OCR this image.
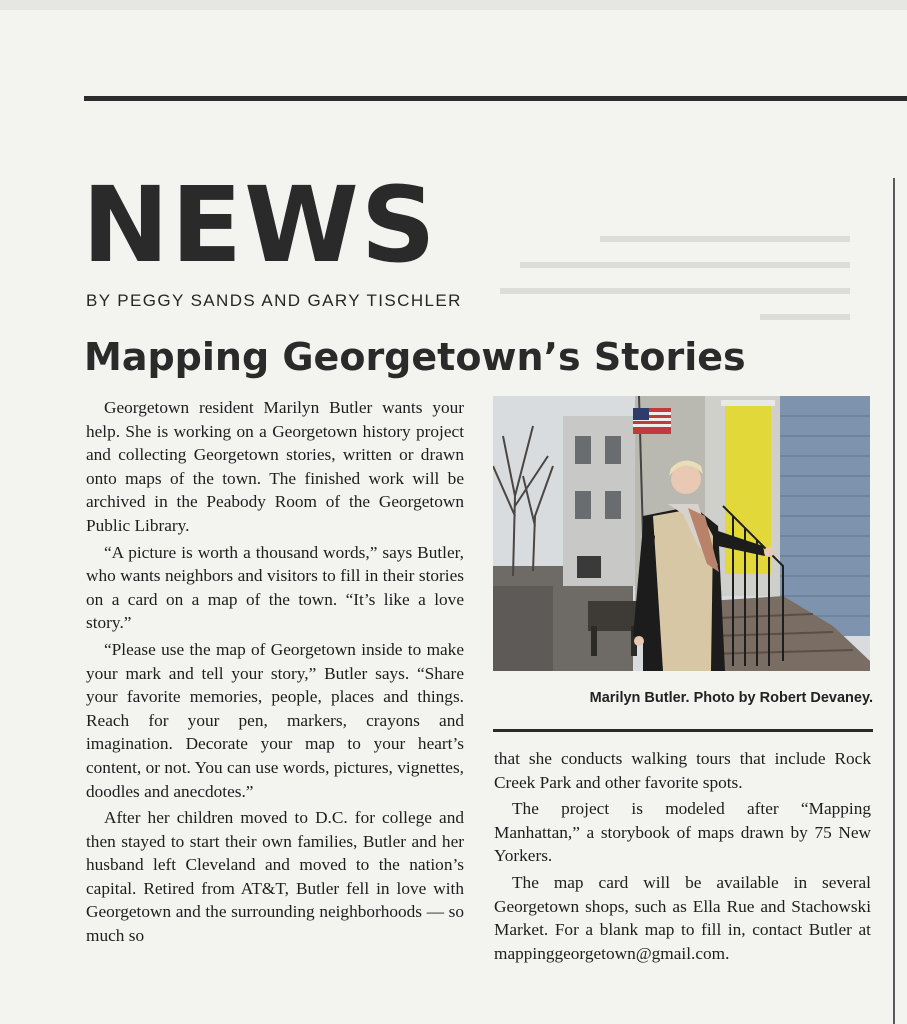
NEWS

BY PEGGY SANDS AND GARY TISCHLER

Mapping Georgetown’s Stories

Georgetown resident Marilyn Butler wants your help. She is working on a Georgetown history project and collecting Georgetown stories, written or drawn onto maps of the town. The finished work will be archived in the Peabody Room of the Georgetown Public Library.

“A picture is worth a thousand words,” says Butler, who wants neighbors and visitors to fill in their stories on a card on a map of the town. “It’s like a love story.”

“Please use the map of Georgetown inside to make your mark and tell your story,” Butler says. “Share your favorite memories, people, places and things. Reach for your pen, markers, crayons and imagination. Decorate your map to your heart’s content, or not. You can use words, pictures, vignettes, doodles and anecdotes.”

After her children moved to D.C. for college and then stayed to start their own families, Butler and her husband left Cleveland and moved to the nation’s capital. Retired from AT&T, Butler fell in love with Georgetown and the surrounding neighborhoods — so much so

Marilyn Butler. Photo by Robert Devaney.

that she conducts walking tours that include Rock Creek Park and other favorite spots.

The project is modeled after “Mapping Manhattan,” a storybook of maps drawn by 75 New Yorkers.

The map card will be available in several Georgetown shops, such as Ella Rue and Stachowski Market. For a blank map to fill in, contact Butler at mappinggeorgetown@gmail.com.
